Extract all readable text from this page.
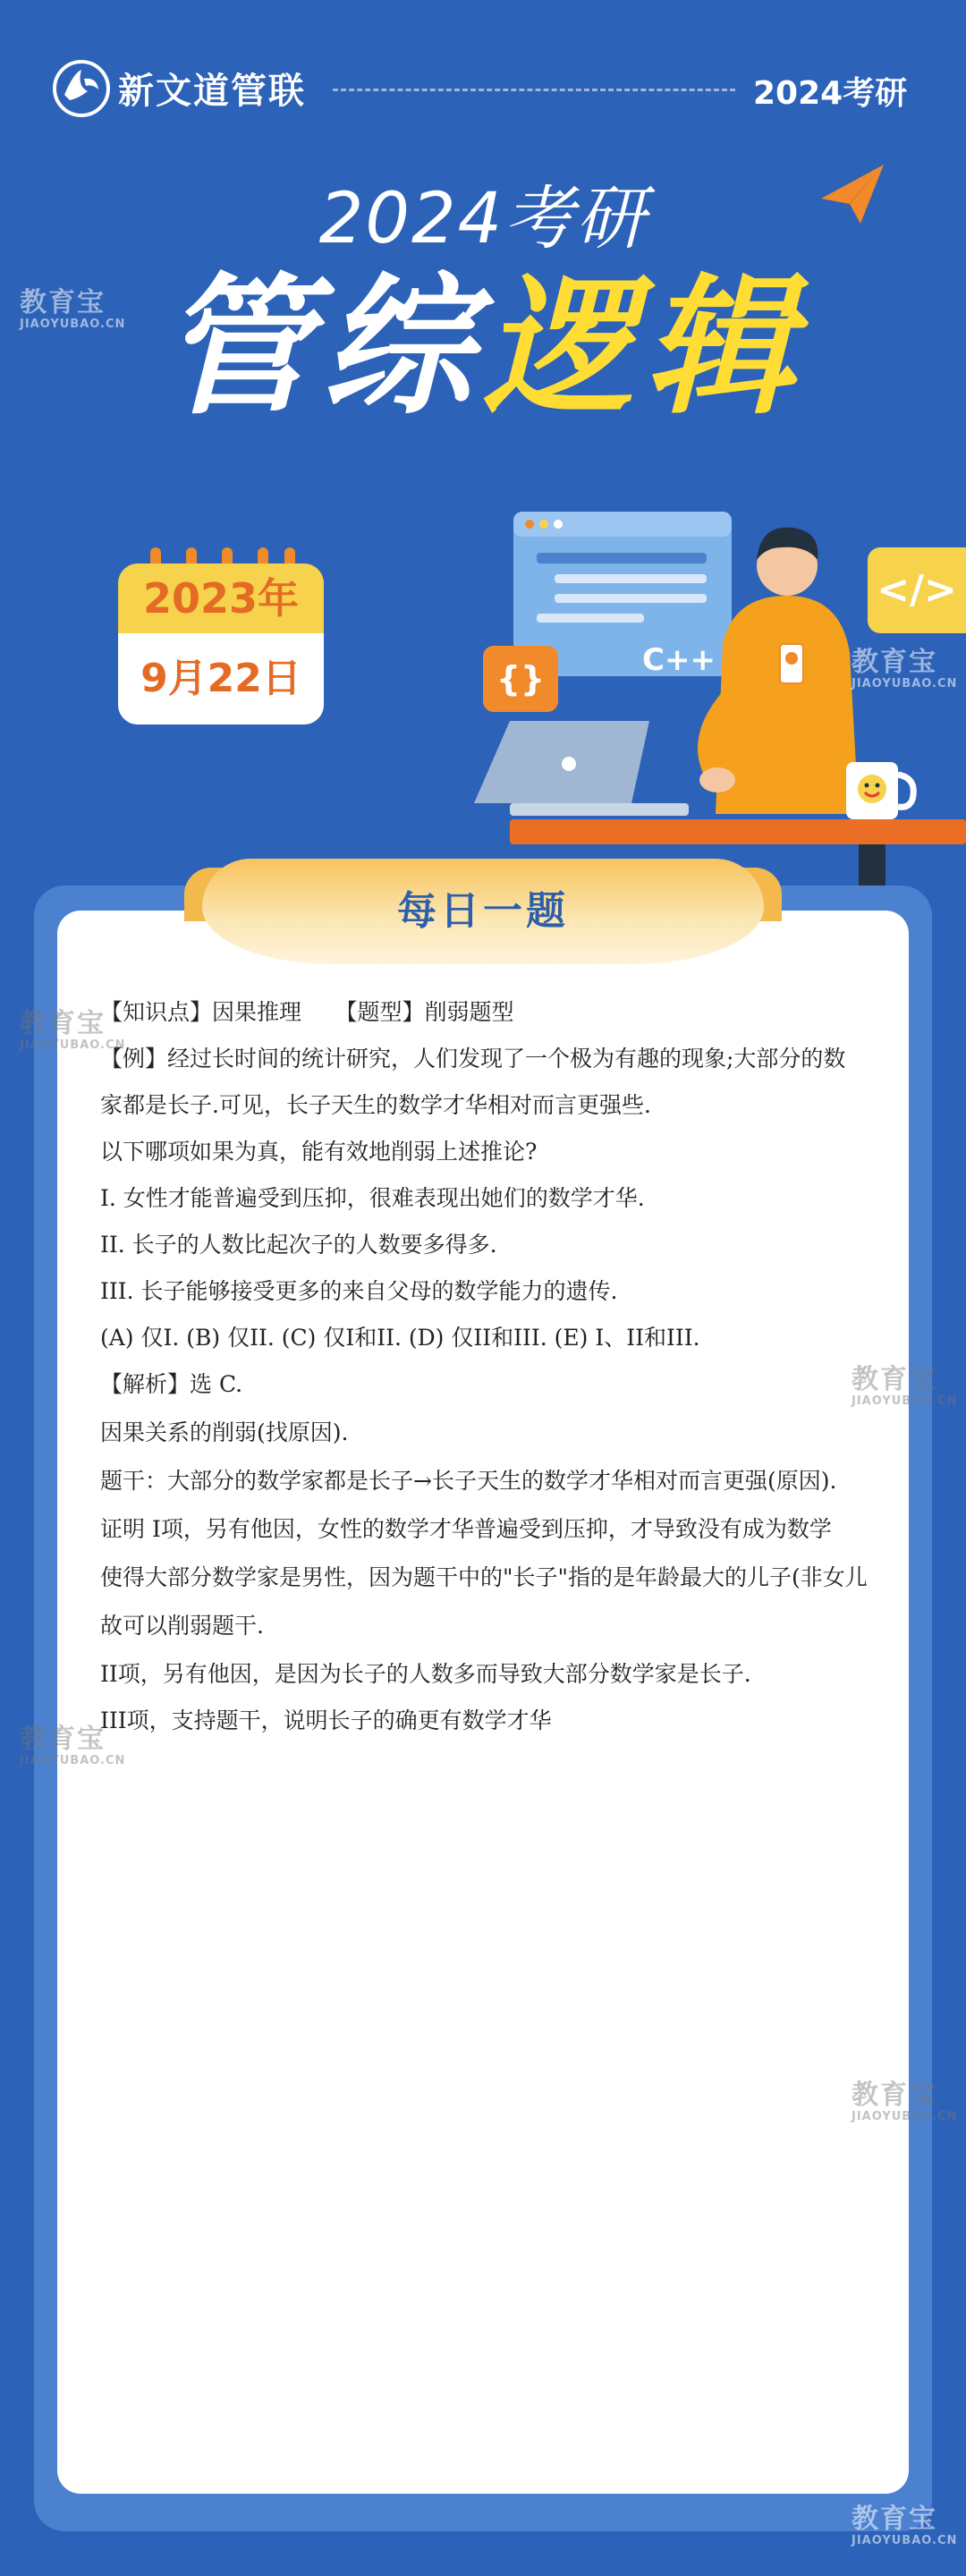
新文道管联	2024考研
2024考研
管综逻辑
2023年
9月22日
</>
{}	C++
教育宝
JIAOYUBAO.CN
教育宝
JIAOYUBAO.CN
每日一题
【知识点】因果推理　　【题型】削弱题型
【例】经过长时间的统计研究，人们发现了一个极为有趣的现象;大部分的数
家都是长子.可见，长子天生的数学才华相对而言更强些.
以下哪项如果为真，能有效地削弱上述推论?
I. 女性才能普遍受到压抑，很难表现出她们的数学才华.
II. 长子的人数比起次子的人数要多得多.
III. 长子能够接受更多的来自父母的数学能力的遗传.
(A) 仅I. (B) 仅II. (C) 仅I和II. (D) 仅II和III. (E) I、II和III.
【解析】选 C.
因果关系的削弱(找原因).
题干：大部分的数学家都是长子→长子天生的数学才华相对而言更强(原因).
证明 I项，另有他因，女性的数学才华普遍受到压抑，才导致没有成为数学
使得大部分数学家是男性，因为题干中的"长子"指的是年龄最大的儿子(非女儿
故可以削弱题干.
II项，另有他因，是因为长子的人数多而导致大部分数学家是长子.
III项，支持题干，说明长子的确更有数学才华
教育宝
JIAOYUBAO.CN
教育宝
JIAOYUBAO.CN
教育宝
JIAOYUBAO.CN
教育宝
JIAOYUBAO.CN
教育宝
JIAOYUBAO.CN
